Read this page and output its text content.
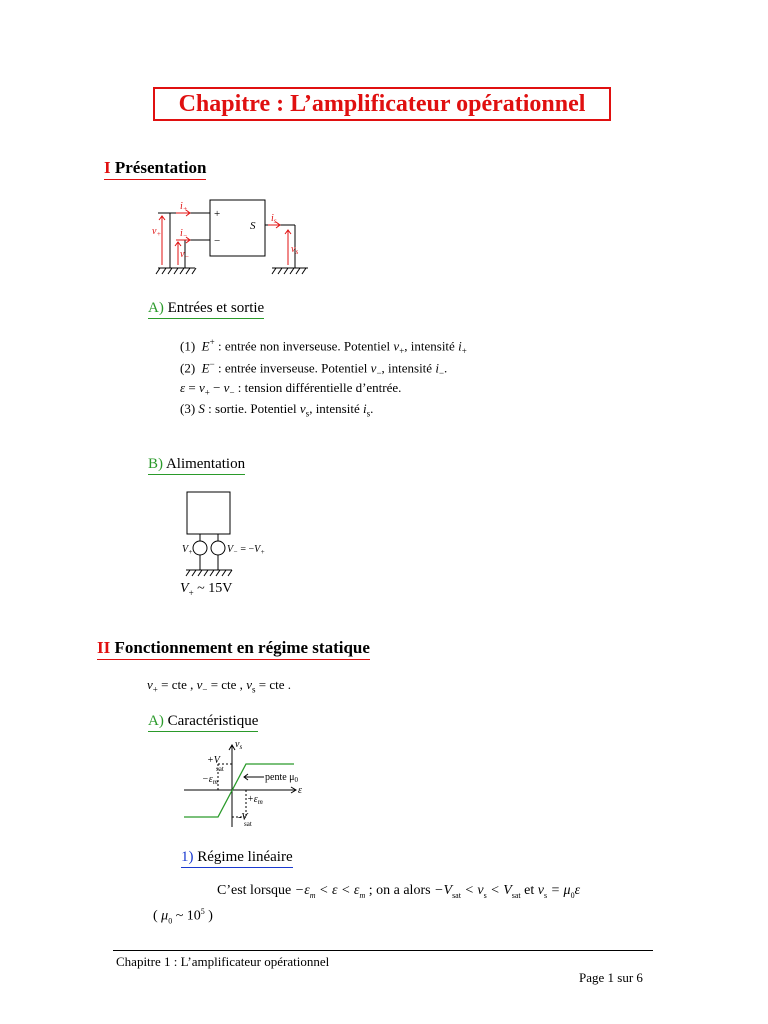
Chapitre : L’amplificateur opérationnel
I Présentation
$i_+$
$i_-$
$v_+$
$v_-$
$i_s$
$v_s$
+
−
S
A) Entrées et sortie
(1) E+ : entrée non inverseuse. Potentiel $v_+$, intensité $i_+$
(2) E− : entrée inverseuse. Potentiel $v_-$, intensité $i_-$.
$\varepsilon = v_+ - v_-$ : tension différentielle d’entrée.
(3) S : sortie. Potentiel $v_s$, intensité $i_s$.
B) Alimentation
$V_+$	$V_- = -V_+$
$V_+$ ~ 15V
II Fonctionnement en régime statique
$v_+$ = cte , $v_-$ = cte , $v_s$ = cte .
A) Caractéristique
$v_s$
+V
sat
$-\varepsilon_m$
$+\varepsilon_m$
-V
sat
pente $\mu_0$
ε
1) Régime linéaire
C’est lorsque $-\varepsilon_m < \varepsilon < \varepsilon_m$ ; on a alors $-V_{sat} < v_s < V_{sat}$ et $v_s = \mu_0\varepsilon$
( $\mu_0$ ~ $10^5$ )
Chapitre 1 : L’amplificateur opérationnel
Page 1 sur 6
